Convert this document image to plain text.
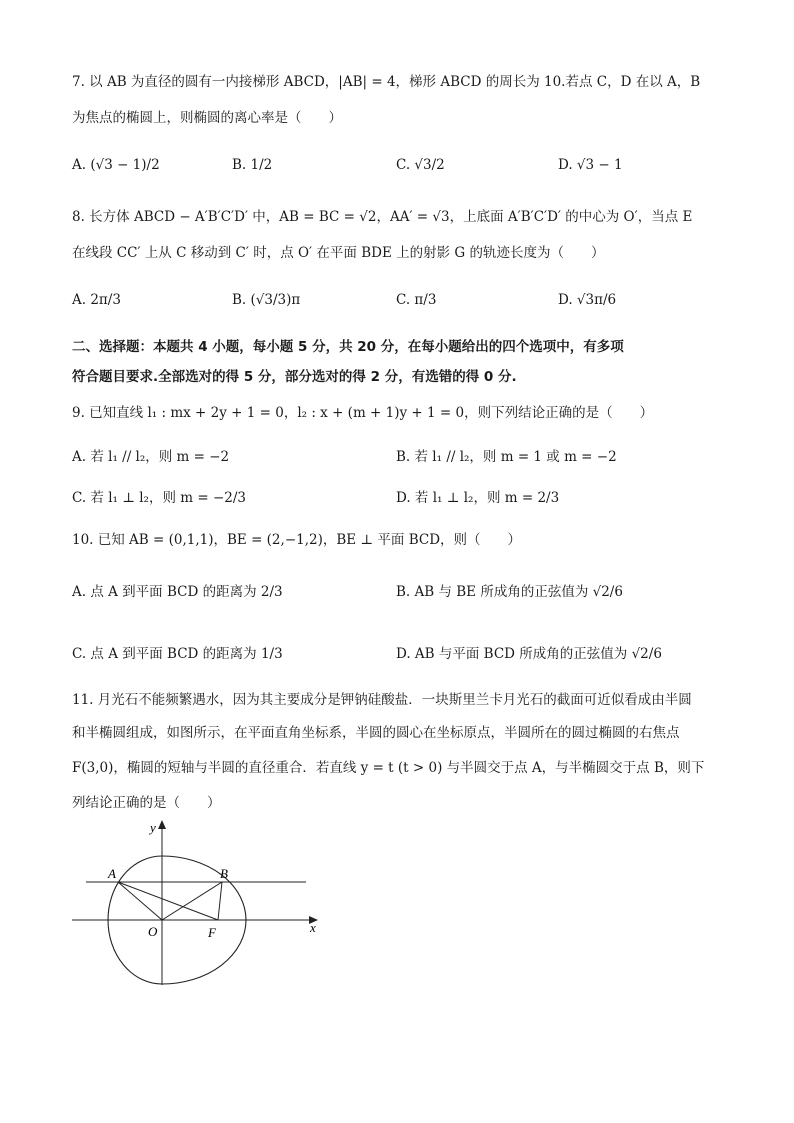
7. 以 AB 为直径的圆有一内接梯形 ABCD，|AB| = 4，梯形 ABCD 的周长为 10.若点 C，D 在以 A，B
为焦点的椭圆上，则椭圆的离心率是（　　）
A. (√3 − 1)/2	B. 1/2	C. √3/2	D. √3 − 1
8. 长方体 ABCD − A′B′C′D′ 中，AB = BC = √2，AA′ = √3，上底面 A′B′C′D′ 的中心为 O′，当点 E
在线段 CC′ 上从 C 移动到 C′ 时，点 O′ 在平面 BDE 上的射影 G 的轨迹长度为（　　）
A. 2π/3	B. (√3/3)π	C. π/3	D. √3π/6
二、选择题：本题共 4 小题，每小题 5 分，共 20 分，在每小题给出的四个选项中，有多项
符合题目要求.全部选对的得 5 分，部分选对的得 2 分，有选错的得 0 分.
9. 已知直线 l₁ : mx + 2y + 1 = 0，l₂ : x + (m + 1)y + 1 = 0，则下列结论正确的是（　　）
A. 若 l₁ // l₂，则 m = −2	B. 若 l₁ // l₂，则 m = 1 或 m = −2
C. 若 l₁ ⊥ l₂，则 m = −2/3	D. 若 l₁ ⊥ l₂，则 m = 2/3
10. 已知 AB = (0,1,1)，BE = (2,−1,2)，BE ⊥ 平面 BCD，则（　　）
A. 点 A 到平面 BCD 的距离为 2/3	B. AB 与 BE 所成角的正弦值为 √2/6
C. 点 A 到平面 BCD 的距离为 1/3	D. AB 与平面 BCD 所成角的正弦值为 √2/6
11. 月光石不能频繁遇水，因为其主要成分是钾钠硅酸盐．一块斯里兰卡月光石的截面可近似看成由半圆
和半椭圆组成，如图所示，在平面直角坐标系，半圆的圆心在坐标原点，半圆所在的圆过椭圆的右焦点
F(3,0)，椭圆的短轴与半圆的直径重合．若直线 y = t (t > 0) 与半圆交于点 A，与半椭圆交于点 B，则下
列结论正确的是（　　）
y
x
O
A	B
F
